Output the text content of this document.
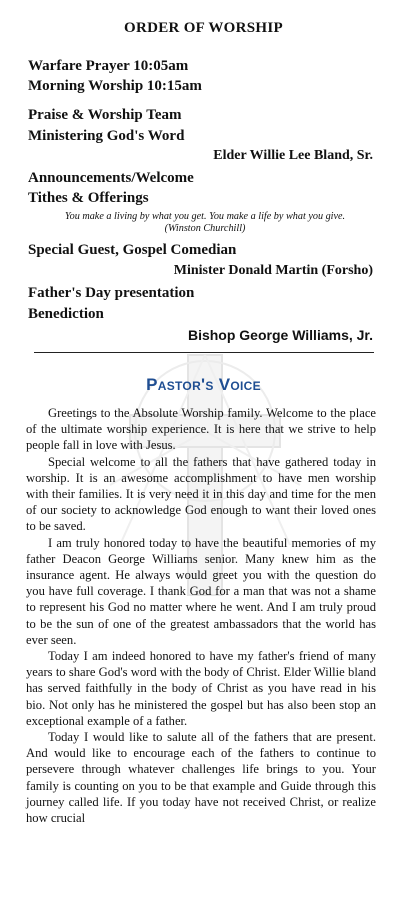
ORDER OF WORSHIP
Warfare Prayer 10:05am
Morning Worship 10:15am
Praise & Worship Team
Ministering God's Word
Elder Willie Lee Bland, Sr.
Announcements/Welcome
Tithes & Offerings
You make a living by what you get. You make a life by what you give.
(Winston Churchill)
Special Guest, Gospel Comedian
Minister Donald Martin (Forsho)
Father's Day presentation
Benediction
Bishop George Williams, Jr.
Pastor's Voice

Greetings to the Absolute Worship family. Welcome to the place of the ultimate worship experience. It is here that we strive to help people fall in love with Jesus.

Special welcome to all the fathers that have gathered today in worship. It is an awesome accomplishment to have men worship with their families. It is very need it in this day and time for the men of our society to acknowledge God enough to want their loved ones to be saved.

I am truly honored today to have the beautiful memories of my father Deacon George Williams senior. Many knew him as the insurance agent. He always would greet you with the question do you have full coverage. I thank God for a man that was not a shame to represent his God no matter where he went. And I am truly proud to be the sun of one of the greatest ambassadors that the world has ever seen.

Today I am indeed honored to have my father's friend of many years to share God's word with the body of Christ. Elder Willie bland has served faithfully in the body of Christ as you have read in his bio. Not only has he ministered the gospel but has also been stop an exceptional example of a father.

Today I would like to salute all of the fathers that are present. And would like to encourage each of the fathers to continue to persevere through whatever challenges life brings to you. Your family is counting on you to be that example and Guide through this journey called life. If you today have not received Christ, or realize how crucial
